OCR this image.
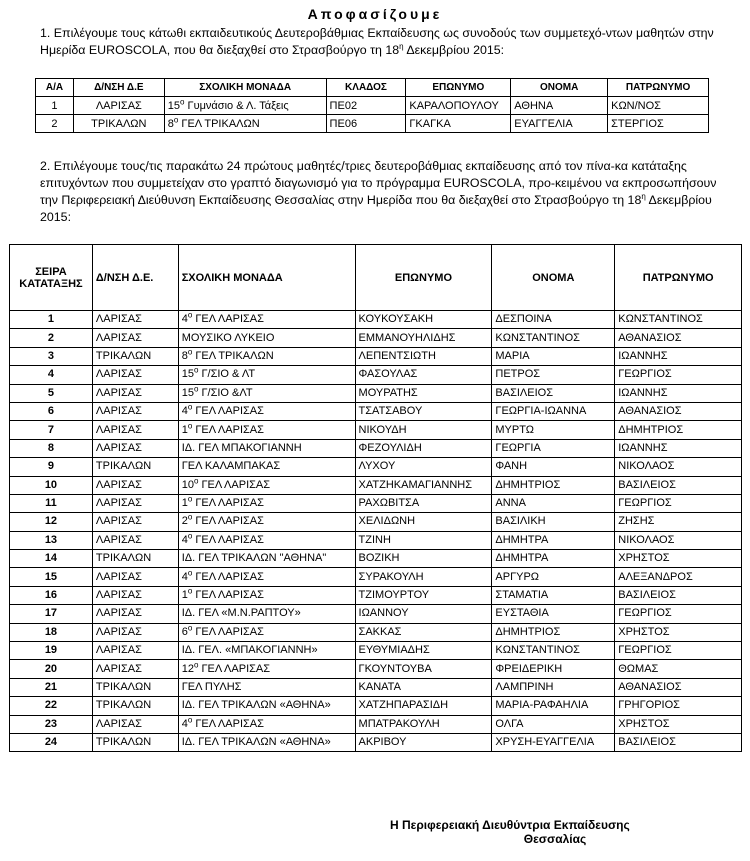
Αποφασίζουμε
1. Επιλέγουμε τους κάτωθι εκπαιδευτικούς Δευτεροβάθμιας Εκπαίδευσης ως συνοδούς των συμμετεχό-ντων μαθητών στην Ημερίδα EUROSCOLA, που θα διεξαχθεί στο Στρασβούργο τη $18^\eta$ Δεκεμβρίου 2015:
Α/Α	Δ/ΝΣΗ Δ.Ε	ΣΧΟΛΙΚΗ ΜΟΝΑΔΑ	ΚΛΑΔΟΣ	ΕΠΩΝΥΜΟ	ΟΝΟΜΑ	ΠΑΤΡΩΝΥΜΟ
1	ΛΑΡΙΣΑΣ	$15^o$ Γυμνάσιο & Λ. Τάξεις	ΠΕ02	ΚΑΡΑΛΟΠΟΥΛΟΥ	ΑΘΗΝΑ	ΚΩΝ/ΝΟΣ
2	ΤΡΙΚΑΛΩΝ	$8^o$ ΓΕΛ ΤΡΙΚΑΛΩΝ	ΠΕ06	ΓΚΑΓΚΑ	ΕΥΑΓΓΕΛΙΑ	ΣΤΕΡΓΙΟΣ
2. Επιλέγουμε τους/τις παρακάτω 24 πρώτους μαθητές/τριες δευτεροβάθμιας εκπαίδευσης από τον πίνα-κα κατάταξης επιτυχόντων που συμμετείχαν στο γραπτό διαγωνισμό για το πρόγραμμα EUROSCOLA, προ-κειμένου να εκπροσωπήσουν την Περιφερειακή Διεύθυνση Εκπαίδευσης Θεσσαλίας στην Ημερίδα που θα διεξαχθεί στο Στρασβούργο τη $18^\eta$ Δεκεμβρίου 2015:
ΣΕΙΡΑ ΚΑΤΑΤΑΞΗΣ	Δ/ΝΣΗ Δ.Ε.	ΣΧΟΛΙΚΗ ΜΟΝΑΔΑ	ΕΠΩΝΥΜΟ	ΟΝΟΜΑ	ΠΑΤΡΩΝΥΜΟ
1	ΛΑΡΙΣΑΣ	$4^o$ ΓΕΛ ΛΑΡΙΣΑΣ	ΚΟΥΚΟΥΣΑΚΗ	ΔΕΣΠΟΙΝΑ	ΚΩΝΣΤΑΝΤΙΝΟΣ
2	ΛΑΡΙΣΑΣ	ΜΟΥΣΙΚΟ ΛΥΚΕΙΟ	ΕΜΜΑΝΟΥΗΛΙΔΗΣ	ΚΩΝΣΤΑΝΤΙΝΟΣ	ΑΘΑΝΑΣΙΟΣ
3	ΤΡΙΚΑΛΩΝ	$8^o$ ΓΕΛ ΤΡΙΚΑΛΩΝ	ΛΕΠΕΝΤΣΙΩΤΗ	ΜΑΡΙΑ	ΙΩΑΝΝΗΣ
4	ΛΑΡΙΣΑΣ	$15^o$ Γ/ΣΙΟ & ΛΤ	ΦΑΣΟΥΛΑΣ	ΠΕΤΡΟΣ	ΓΕΩΡΓΙΟΣ
5	ΛΑΡΙΣΑΣ	$15^o$ Γ/ΣΙΟ &ΛΤ	ΜΟΥΡΑΤΗΣ	ΒΑΣΙΛΕΙΟΣ	ΙΩΑΝΝΗΣ
6	ΛΑΡΙΣΑΣ	$4^o$ ΓΕΛ ΛΑΡΙΣΑΣ	ΤΣΑΤΣΑΒΟΥ	ΓΕΩΡΓΙΑ-ΙΩΑΝΝΑ	ΑΘΑΝΑΣΙΟΣ
7	ΛΑΡΙΣΑΣ	$1^o$ ΓΕΛ ΛΑΡΙΣΑΣ	ΝΙΚΟΥΔΗ	ΜΥΡΤΩ	ΔΗΜΗΤΡΙΟΣ
8	ΛΑΡΙΣΑΣ	ΙΔ. ΓΕΛ ΜΠΑΚΟΓΙΑΝΝΗ	ΦΕΖΟΥΛΙΔΗ	ΓΕΩΡΓΙΑ	ΙΩΑΝΝΗΣ
9	ΤΡΙΚΑΛΩΝ	ΓΕΛ ΚΑΛΑΜΠΑΚΑΣ	ΛΥΧΟΥ	ΦΑΝΗ	ΝΙΚΟΛΑΟΣ
10	ΛΑΡΙΣΑΣ	$10^o$ ΓΕΛ ΛΑΡΙΣΑΣ	ΧΑΤΖΗΚΑΜΑΓΙΑΝΝΗΣ	ΔΗΜΗΤΡΙΟΣ	ΒΑΣΙΛΕΙΟΣ
11	ΛΑΡΙΣΑΣ	$1^o$ ΓΕΛ ΛΑΡΙΣΑΣ	ΡΑΧΩΒΙΤΣΑ	ΑΝΝΑ	ΓΕΩΡΓΙΟΣ
12	ΛΑΡΙΣΑΣ	$2^o$ ΓΕΛ ΛΑΡΙΣΑΣ	ΧΕΛΙΔΩΝΗ	ΒΑΣΙΛΙΚΗ	ΖΗΣΗΣ
13	ΛΑΡΙΣΑΣ	$4^o$ ΓΕΛ ΛΑΡΙΣΑΣ	ΤΖΙΝΗ	ΔΗΜΗΤΡΑ	ΝΙΚΟΛΑΟΣ
14	ΤΡΙΚΑΛΩΝ	ΙΔ. ΓΕΛ ΤΡΙΚΑΛΩΝ "ΑΘΗΝΑ"	ΒΟΖΙΚΗ	ΔΗΜΗΤΡΑ	ΧΡΗΣΤΟΣ
15	ΛΑΡΙΣΑΣ	$4^o$ ΓΕΛ ΛΑΡΙΣΑΣ	ΣΥΡΑΚΟΥΛΗ	ΑΡΓΥΡΩ	ΑΛΕΞΑΝΔΡΟΣ
16	ΛΑΡΙΣΑΣ	$1^o$ ΓΕΛ ΛΑΡΙΣΑΣ	ΤΖΙΜΟΥΡΤΟΥ	ΣΤΑΜΑΤΙΑ	ΒΑΣΙΛΕΙΟΣ
17	ΛΑΡΙΣΑΣ	ΙΔ. ΓΕΛ «Μ.Ν.ΡΑΠΤΟΥ»	ΙΩΑΝΝΟΥ	ΕΥΣΤΑΘΙΑ	ΓΕΩΡΓΙΟΣ
18	ΛΑΡΙΣΑΣ	$6^o$ ΓΕΛ ΛΑΡΙΣΑΣ	ΣΑΚΚΑΣ	ΔΗΜΗΤΡΙΟΣ	ΧΡΗΣΤΟΣ
19	ΛΑΡΙΣΑΣ	ΙΔ. ΓΕΛ. «ΜΠΑΚΟΓΙΑΝΝΗ»	ΕΥΘΥΜΙΑΔΗΣ	ΚΩΝΣΤΑΝΤΙΝΟΣ	ΓΕΩΡΓΙΟΣ
20	ΛΑΡΙΣΑΣ	$12^o$ ΓΕΛ ΛΑΡΙΣΑΣ	ΓΚΟΥΝΤΟΥΒΑ	ΦΡΕΙΔΕΡΙΚΗ	ΘΩΜΑΣ
21	ΤΡΙΚΑΛΩΝ	ΓΕΛ ΠΥΛΗΣ	ΚΑΝΑΤΑ	ΛΑΜΠΡΙΝΗ	ΑΘΑΝΑΣΙΟΣ
22	ΤΡΙΚΑΛΩΝ	ΙΔ. ΓΕΛ ΤΡΙΚΑΛΩΝ «ΑΘΗΝΑ»	ΧΑΤΖΗΠΑΡΑΣΙΔΗ	ΜΑΡΙΑ-ΡΑΦΑΗΛΙΑ	ΓΡΗΓΟΡΙΟΣ
23	ΛΑΡΙΣΑΣ	$4^o$ ΓΕΛ ΛΑΡΙΣΑΣ	ΜΠΑΤΡΑΚΟΥΛΗ	ΟΛΓΑ	ΧΡΗΣΤΟΣ
24	ΤΡΙΚΑΛΩΝ	ΙΔ. ΓΕΛ ΤΡΙΚΑΛΩΝ «ΑΘΗΝΑ»	ΑΚΡΙΒΟΥ	ΧΡΥΣΗ-ΕΥΑΓΓΕΛΙΑ	ΒΑΣΙΛΕΙΟΣ
Η Περιφερειακή Διευθύντρια Εκπαίδευσης
Θεσσαλίας
